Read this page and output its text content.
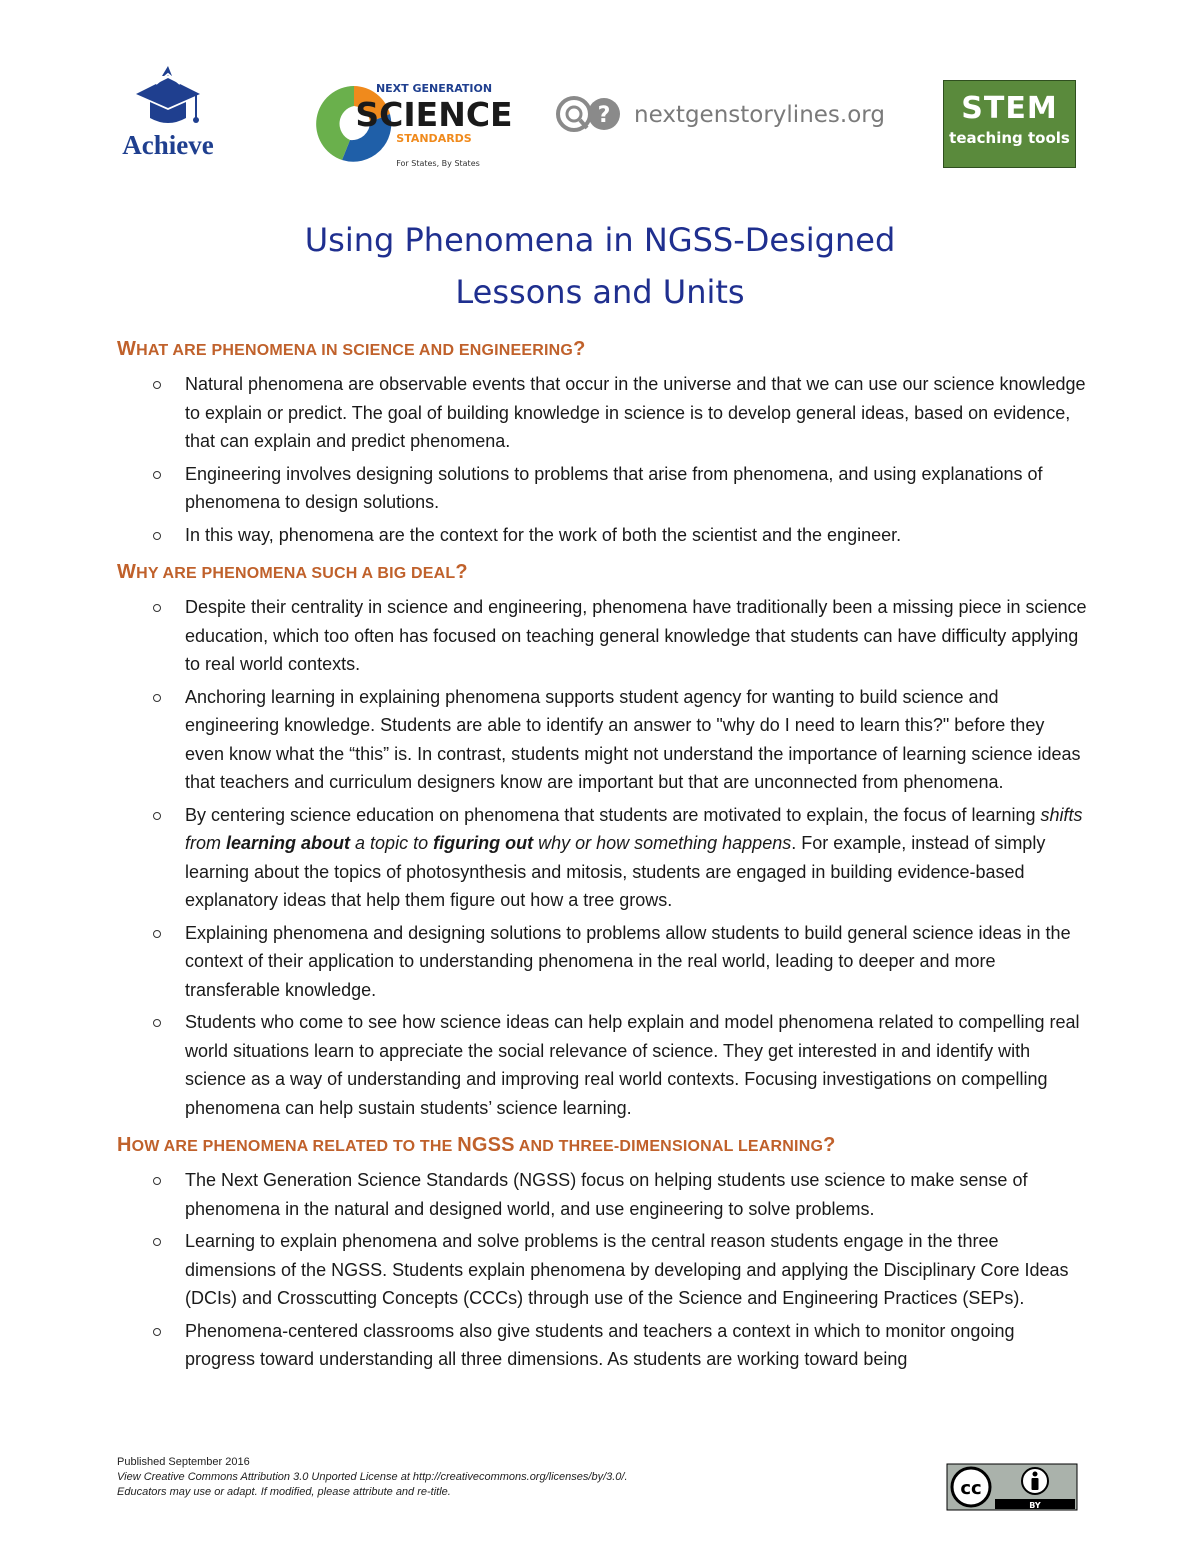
Achieve
NEXT GENERATION
SCIENCE
STANDARDS
For States, By States
? nextgenstorylines.org	STEM
teaching tools
Using Phenomena in NGSS-Designed
Lessons and Units
WHAT ARE PHENOMENA IN SCIENCE AND ENGINEERING?
Natural phenomena are observable events that occur in the universe and that we can use our science knowledge to explain or predict. The goal of building knowledge in science is to develop general ideas, based on evidence, that can explain and predict phenomena.
Engineering involves designing solutions to problems that arise from phenomena, and using explanations of phenomena to design solutions.
In this way, phenomena are the context for the work of both the scientist and the engineer.
WHY ARE PHENOMENA SUCH A BIG DEAL?
Despite their centrality in science and engineering, phenomena have traditionally been a missing piece in science education, which too often has focused on teaching general knowledge that students can have difficulty applying to real world contexts.
Anchoring learning in explaining phenomena supports student agency for wanting to build science and engineering knowledge. Students are able to identify an answer to "why do I need to learn this?" before they even know what the “this” is. In contrast, students might not understand the importance of learning science ideas that teachers and curriculum designers know are important but that are unconnected from phenomena.
By centering science education on phenomena that students are motivated to explain, the focus of learning shifts from learning about a topic to figuring out why or how something happens. For example, instead of simply learning about the topics of photosynthesis and mitosis, students are engaged in building evidence-based explanatory ideas that help them figure out how a tree grows.
Explaining phenomena and designing solutions to problems allow students to build general science ideas in the context of their application to understanding phenomena in the real world, leading to deeper and more transferable knowledge.
Students who come to see how science ideas can help explain and model phenomena related to compelling real world situations learn to appreciate the social relevance of science. They get interested in and identify with science as a way of understanding and improving real world contexts. Focusing investigations on compelling phenomena can help sustain students’ science learning.
HOW ARE PHENOMENA RELATED TO THE NGSS AND THREE-DIMENSIONAL LEARNING?
The Next Generation Science Standards (NGSS) focus on helping students use science to make sense of phenomena in the natural and designed world, and use engineering to solve problems.
Learning to explain phenomena and solve problems is the central reason students engage in the three dimensions of the NGSS. Students explain phenomena by developing and applying the Disciplinary Core Ideas (DCIs) and Crosscutting Concepts (CCCs) through use of the Science and Engineering Practices (SEPs).
Phenomena-centered classrooms also give students and teachers a context in which to monitor ongoing progress toward understanding all three dimensions. As students are working toward being
Published September 2016
View Creative Commons Attribution 3.0 Unported License at http://creativecommons.org/licenses/by/3.0/.
Educators may use or adapt. If modified, please attribute and re-title.	cc
BY
